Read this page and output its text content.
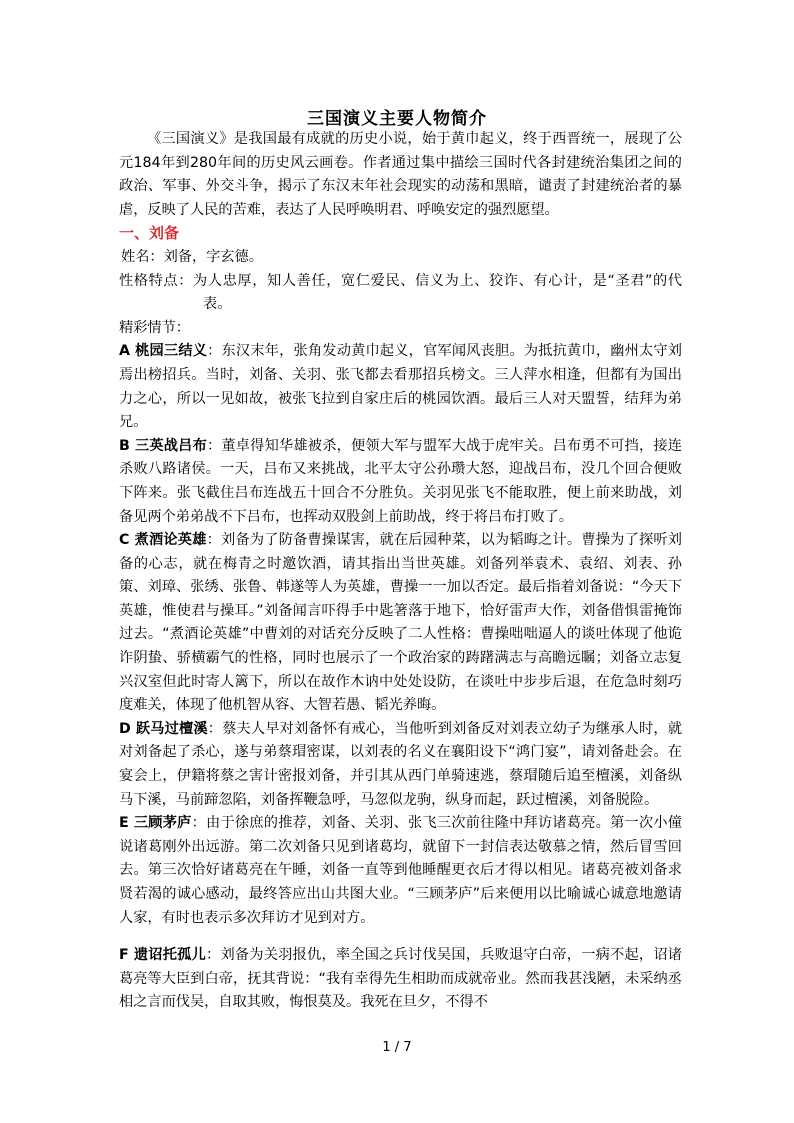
三国演义主要人物简介

《三国演义》是我国最有成就的历史小说，始于黄巾起义，终于西晋统一，展现了公元184年到280年间的历史风云画卷。作者通过集中描绘三国时代各封建统治集团之间的政治、军事、外交斗争，揭示了东汉末年社会现实的动荡和黑暗，谴责了封建统治者的暴虐，反映了人民的苦难，表达了人民呼唤明君、呼唤安定的强烈愿望。

一、刘备

姓名：刘备，字玄德。

性格特点：为人忠厚，知人善任，宽仁爱民、信义为上、狡诈、有心计，是“圣君”的代表。

精彩情节：

A 桃园三结义：东汉末年，张角发动黄巾起义，官军闻风丧胆。为抵抗黄巾，幽州太守刘焉出榜招兵。当时，刘备、关羽、张飞都去看那招兵榜文。三人萍水相逢，但都有为国出力之心，所以一见如故，被张飞拉到自家庄后的桃园饮酒。最后三人对天盟誓，结拜为弟兄。

B 三英战吕布：董卓得知华雄被杀，便领大军与盟军大战于虎牢关。吕布勇不可挡，接连杀败八路诸侯。一天，吕布又来挑战，北平太守公孙瓒大怒，迎战吕布，没几个回合便败下阵来。张飞截住吕布连战五十回合不分胜负。关羽见张飞不能取胜，便上前来助战，刘备见两个弟弟战不下吕布，也挥动双股剑上前助战，终于将吕布打败了。

C 煮酒论英雄：刘备为了防备曹操谋害，就在后园种菜，以为韬晦之计。曹操为了探听刘备的心志，就在梅青之时邀饮酒，请其指出当世英雄。刘备列举袁术、袁绍、刘表、孙策、刘璋、张绣、张鲁、韩遂等人为英雄，曹操一一加以否定。最后指着刘备说：“今天下英雄，惟使君与操耳。”刘备闻言吓得手中匙箸落于地下，恰好雷声大作，刘备借惧雷掩饰过去。“煮酒论英雄”中曹刘的对话充分反映了二人性格：曹操咄咄逼人的谈吐体现了他诡诈阴蛰、骄横霸气的性格，同时也展示了一个政治家的踌躇满志与高瞻远瞩；刘备立志复兴汉室但此时寄人篱下，所以在故作木讷中处处设防，在谈吐中步步后退，在危急时刻巧度难关，体现了他机智从容、大智若愚、韬光养晦。

D 跃马过檀溪：蔡夫人早对刘备怀有戒心，当他听到刘备反对刘表立幼子为继承人时，就对刘备起了杀心，遂与弟蔡瑁密谋，以刘表的名义在襄阳设下“鸿门宴”，请刘备赴会。在宴会上，伊籍将蔡之害计密报刘备，并引其从西门单骑速逃，蔡瑁随后追至檀溪，刘备纵马下溪，马前蹄忽陷，刘备挥鞭急呼，马忽似龙驹，纵身而起，跃过檀溪，刘备脱险。

E 三顾茅庐：由于徐庶的推荐，刘备、关羽、张飞三次前往隆中拜访诸葛亮。第一次小僮说诸葛刚外出远游。第二次刘备只见到诸葛均，就留下一封信表达敬慕之情，然后冒雪回去。第三次恰好诸葛亮在午睡，刘备一直等到他睡醒更衣后才得以相见。诸葛亮被刘备求贤若渴的诚心感动，最终答应出山共图大业。“三顾茅庐”后来便用以比喻诚心诚意地邀请人家，有时也表示多次拜访才见到对方。

F 遗诏托孤儿：刘备为关羽报仇，率全国之兵讨伐吴国，兵败退守白帝，一病不起，诏诸葛亮等大臣到白帝，抚其背说：“我有幸得先生相助而成就帝业。然而我甚浅陋，未采纳丞相之言而伐吴，自取其败，悔恨莫及。我死在旦夕，不得不

1 / 7
